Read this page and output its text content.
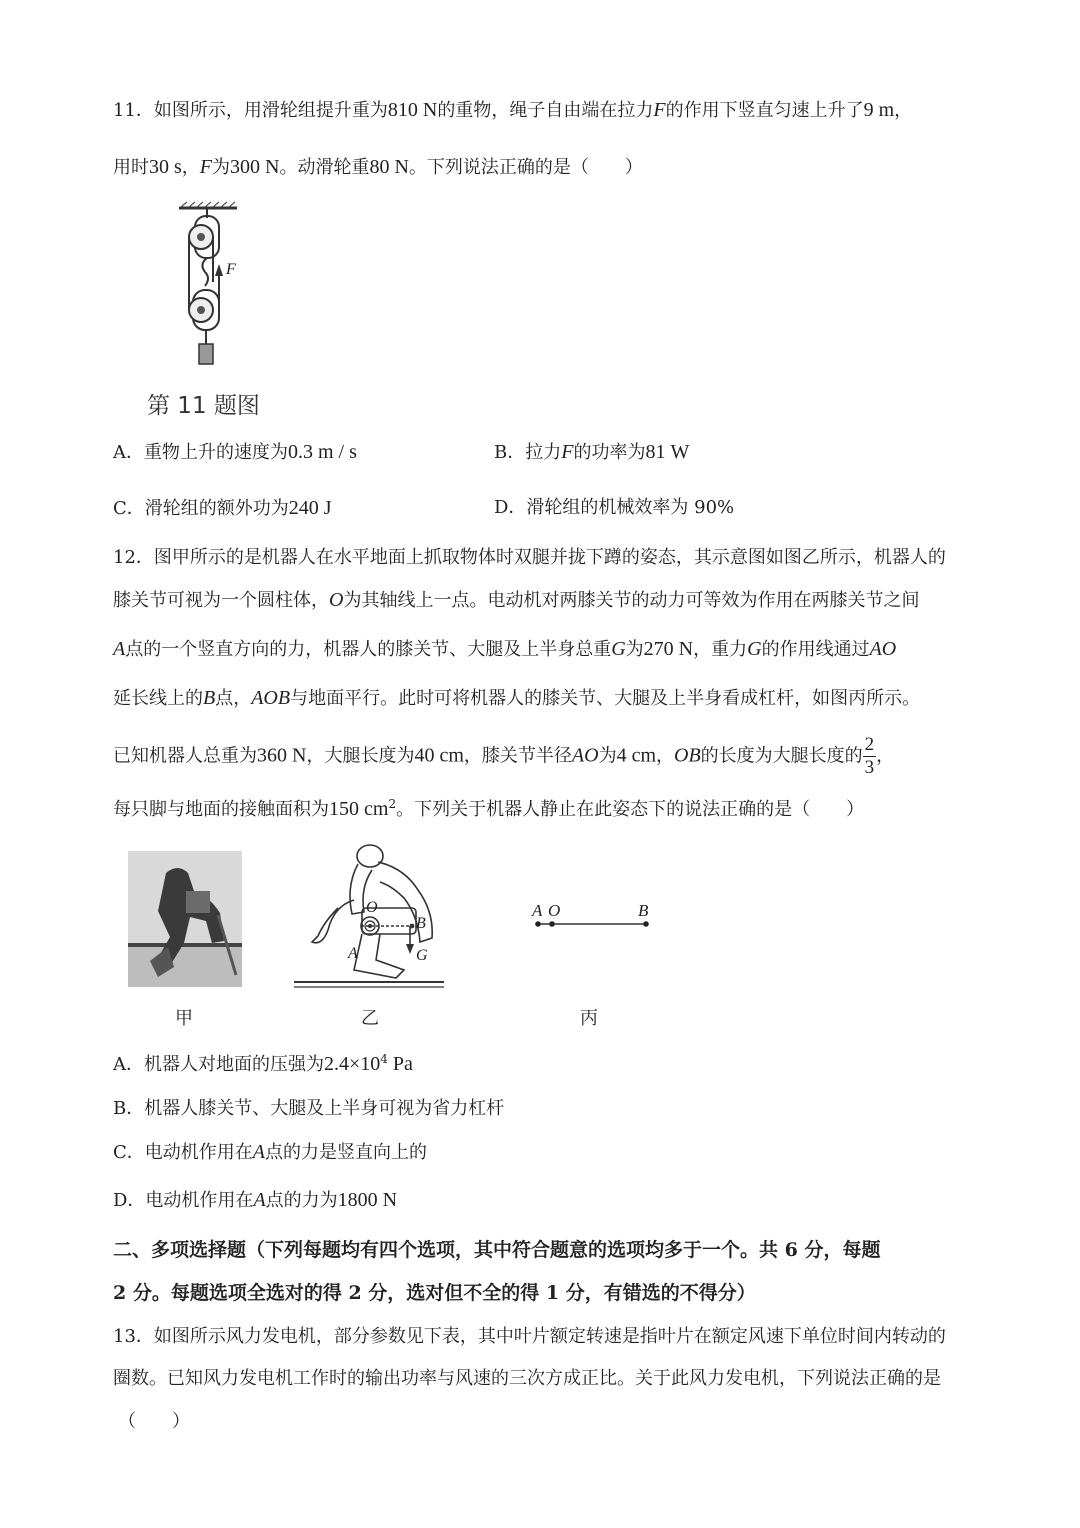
11．如图所示，用滑轮组提升重为810 N的重物，绳子自由端在拉力F的作用下竖直匀速上升了9 m，
用时30 s，F为300 N。动滑轮重80 N。下列说法正确的是（　　）
F
第 11 题图
A．重物上升的速度为0.3 m / s	B．拉力F的功率为81 W
C．滑轮组的额外功为240 J	D．滑轮组的机械效率为 90%
12．图甲所示的是机器人在水平地面上抓取物体时双腿并拢下蹲的姿态，其示意图如图乙所示，机器人的
膝关节可视为一个圆柱体，O为其轴线上一点。电动机对两膝关节的动力可等效为作用在两膝关节之间
A点的一个竖直方向的力，机器人的膝关节、大腿及上半身总重G为270 N，重力G的作用线通过AO
延长线上的B点，AOB与地面平行。此时可将机器人的膝关节、大腿及上半身看成杠杆，如图丙所示。
已知机器人总重为360 N，大腿长度为40 cm，膝关节半径AO为4 cm，OB的长度为大腿长度的 $\frac{2}{3}$ ，
每只脚与地面的接触面积为150 $cm^2$。下列关于机器人静止在此姿态下的说法正确的是（　　）
甲
O
B
A	G
乙
A O	B
丙
A．机器人对地面的压强为$2.4\times 10^4$ Pa
B．机器人膝关节、大腿及上半身可视为省力杠杆
C．电动机作用在A点的力是竖直向上的
D．电动机作用在A点的力为1800 N
二、多项选择题（下列每题均有四个选项，其中符合题意的选项均多于一个。共 6 分，每题
2 分。每题选项全选对的得 2 分，选对但不全的得 1 分，有错选的不得分）
13．如图所示风力发电机，部分参数见下表，其中叶片额定转速是指叶片在额定风速下单位时间内转动的
圈数。已知风力发电机工作时的输出功率与风速的三次方成正比。关于此风力发电机，下列说法正确的是
（　　）
